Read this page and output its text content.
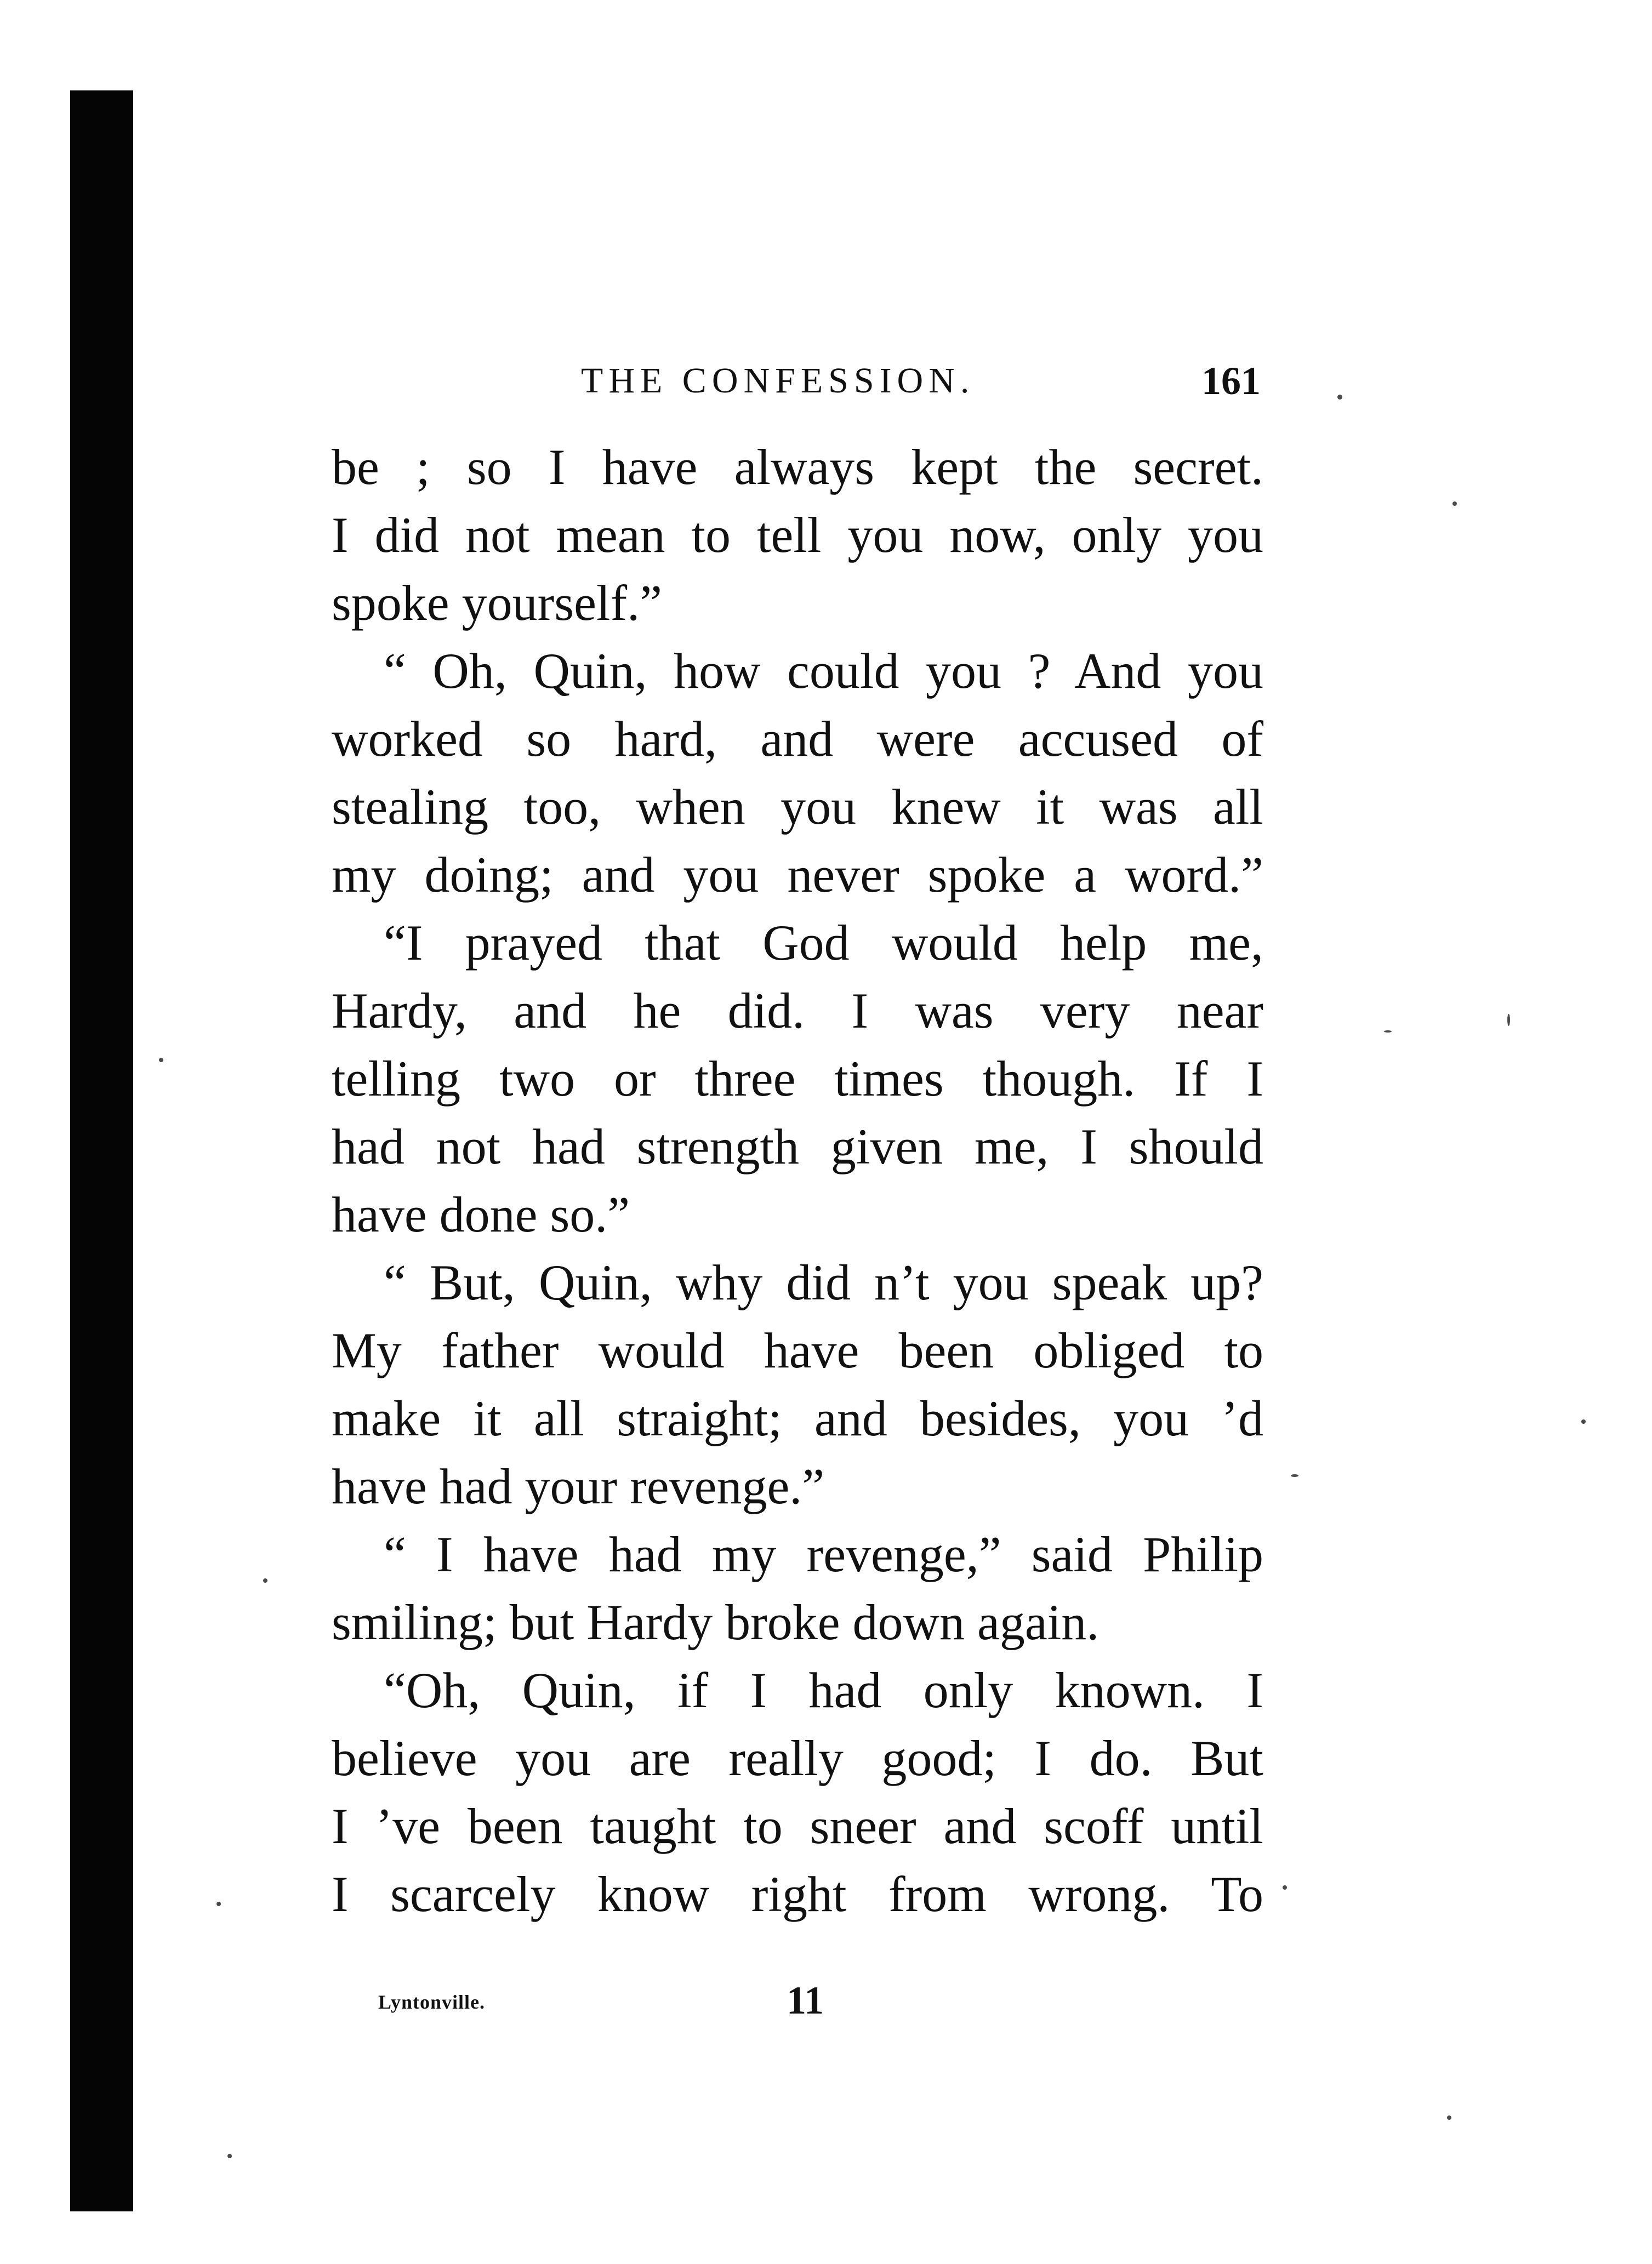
THE CONFESSION.	161
be ; so I have always kept the secret.
I did not mean to tell you now, only you
spoke yourself.”
“ Oh, Quin, how could you ? And you
worked so hard, and were accused of
stealing too, when you knew it was all
my doing; and you never spoke a word.”
“I prayed that God would help me,
Hardy, and he did. I was very near
telling two or three times though. If I
had not had strength given me, I should
have done so.”
“ But, Quin, why did n’t you speak up?
My father would have been obliged to
make it all straight; and besides, you ’d
have had your revenge.”
“ I have had my revenge,” said Philip
smiling; but Hardy broke down again.
“Oh, Quin, if I had only known. I
believe you are really good; I do. But
I ’ve been taught to sneer and scoff until
I scarcely know right from wrong. To
Lyntonville.	11
